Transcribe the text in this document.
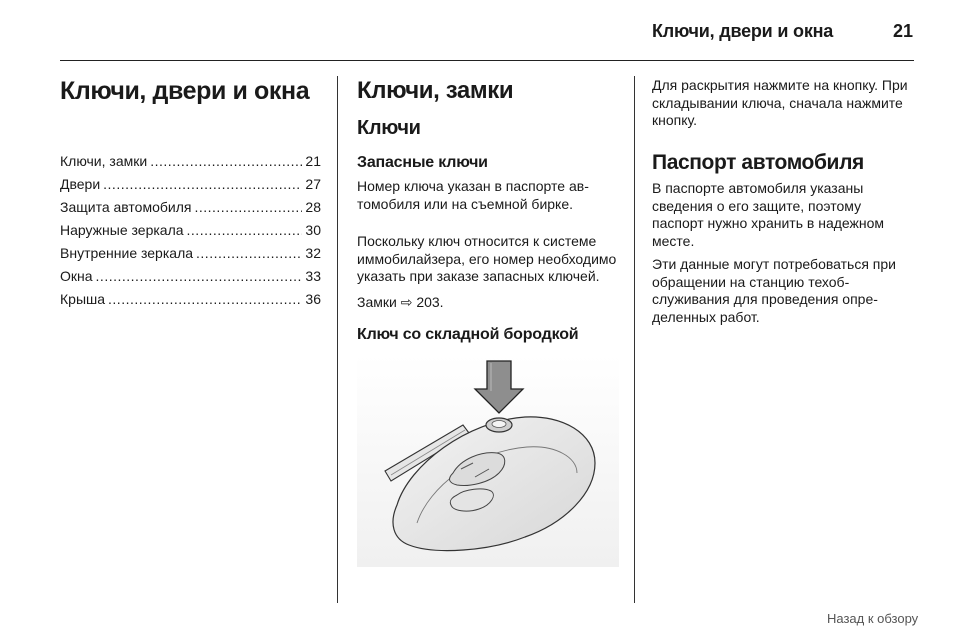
Ключи, двери и окна	21
Ключи, двери и окна
Ключи, замки .....	21
Двери .....	27
Защита автомобиля .....	28
Наружные зеркала .....	30
Внутренние зеркала .....	32
Окна .....	33
Крыша .....	36
Ключи, замки
Ключи
Запасные ключи

Номер ключа указан в паспорте автомобиля или на съемной бирке.

Поскольку ключ относится к системе иммобилайзера, его номер необходимо указать при заказе запасных ключей.

Замки ⇨ 203.

Ключ со складной бородкой

Для раскрытия нажмите на кнопку. При складывании ключа, сначала нажмите кнопку.

Паспорт автомобиля

В паспорте автомобиля указаны сведения о его защите, поэтому паспорт нужно хранить в надежном месте.

Эти данные могут потребоваться при обращении на станцию техобслуживания для проведения определенных работ.

Назад к обзору
